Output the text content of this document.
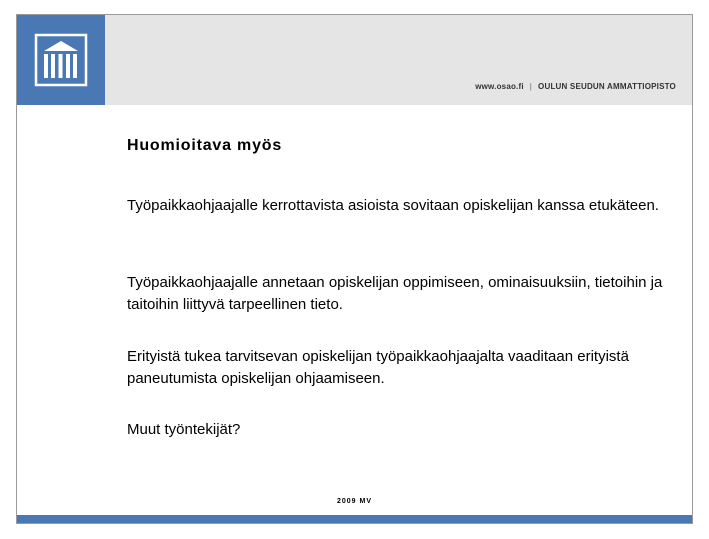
www.osao.fi | OULUN SEUDUN AMMATTIOPISTO
Huomioitava myös

Työpaikkaohjaajalle kerrottavista asioista sovitaan opiskelijan kanssa etukäteen.

Työpaikkaohjaajalle annetaan opiskelijan oppimiseen, ominaisuuksiin, tietoihin ja taitoihin liittyvä tarpeellinen tieto.

Erityistä tukea tarvitsevan opiskelijan työpaikkaohjaajalta vaaditaan erityistä paneutumista opiskelijan ohjaamiseen.

Muut työntekijät?

2009 MV
